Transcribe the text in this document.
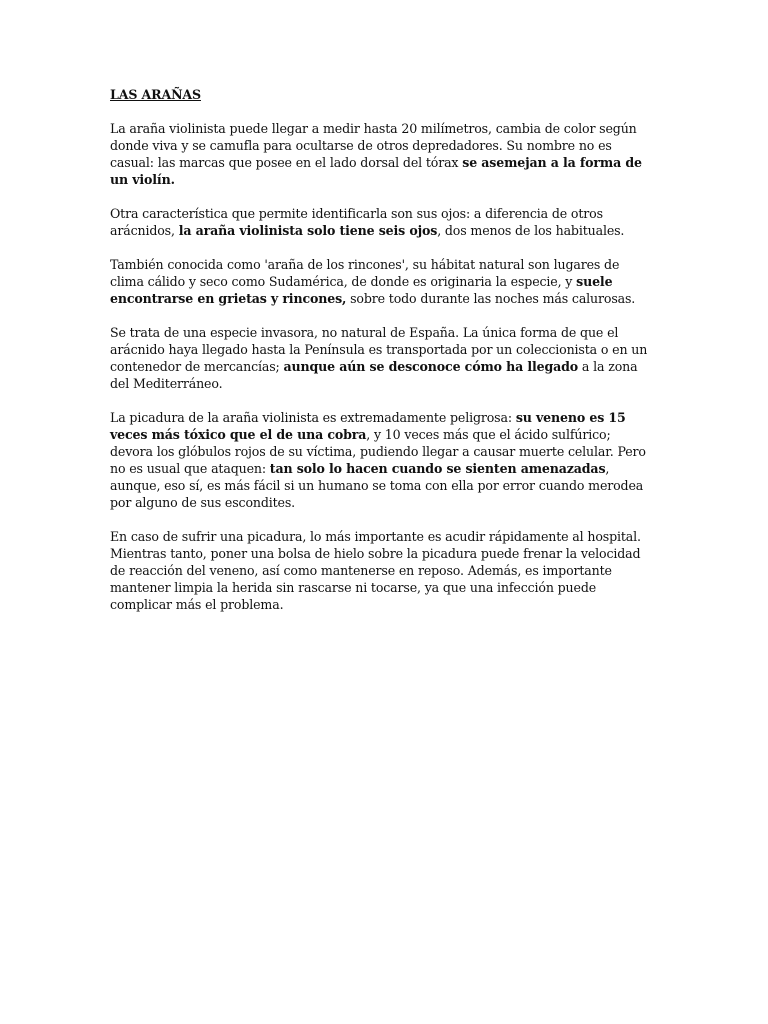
LAS ARAÑAS

La araña violinista puede llegar a medir hasta 20 milímetros, cambia de color según donde viva y se camufla para ocultarse de otros depredadores. Su nombre no es casual: las marcas que posee en el lado dorsal del tórax se asemejan a la forma de un violín.

Otra característica que permite identificarla son sus ojos: a diferencia de otros arácnidos, la araña violinista solo tiene seis ojos, dos menos de los habituales.

También conocida como 'araña de los rincones', su hábitat natural son lugares de clima cálido y seco como Sudamérica, de donde es originaria la especie, y suele encontrarse en grietas y rincones, sobre todo durante las noches más calurosas.

Se trata de una especie invasora, no natural de España. La única forma de que el arácnido haya llegado hasta la Península es transportada por un coleccionista o en un contenedor de mercancías; aunque aún se desconoce cómo ha llegado a la zona del Mediterráneo.

La picadura de la araña violinista es extremadamente peligrosa: su veneno es 15 veces más tóxico que el de una cobra, y 10 veces más que el ácido sulfúrico; devora los glóbulos rojos de su víctima, pudiendo llegar a causar muerte celular. Pero no es usual que ataquen: tan solo lo hacen cuando se sienten amenazadas, aunque, eso sí, es más fácil si un humano se toma con ella por error cuando merodea por alguno de sus escondites.

En caso de sufrir una picadura, lo más importante es acudir rápidamente al hospital. Mientras tanto, poner una bolsa de hielo sobre la picadura puede frenar la velocidad de reacción del veneno, así como mantenerse en reposo. Además, es importante mantener limpia la herida sin rascarse ni tocarse, ya que una infección puede complicar más el problema.
